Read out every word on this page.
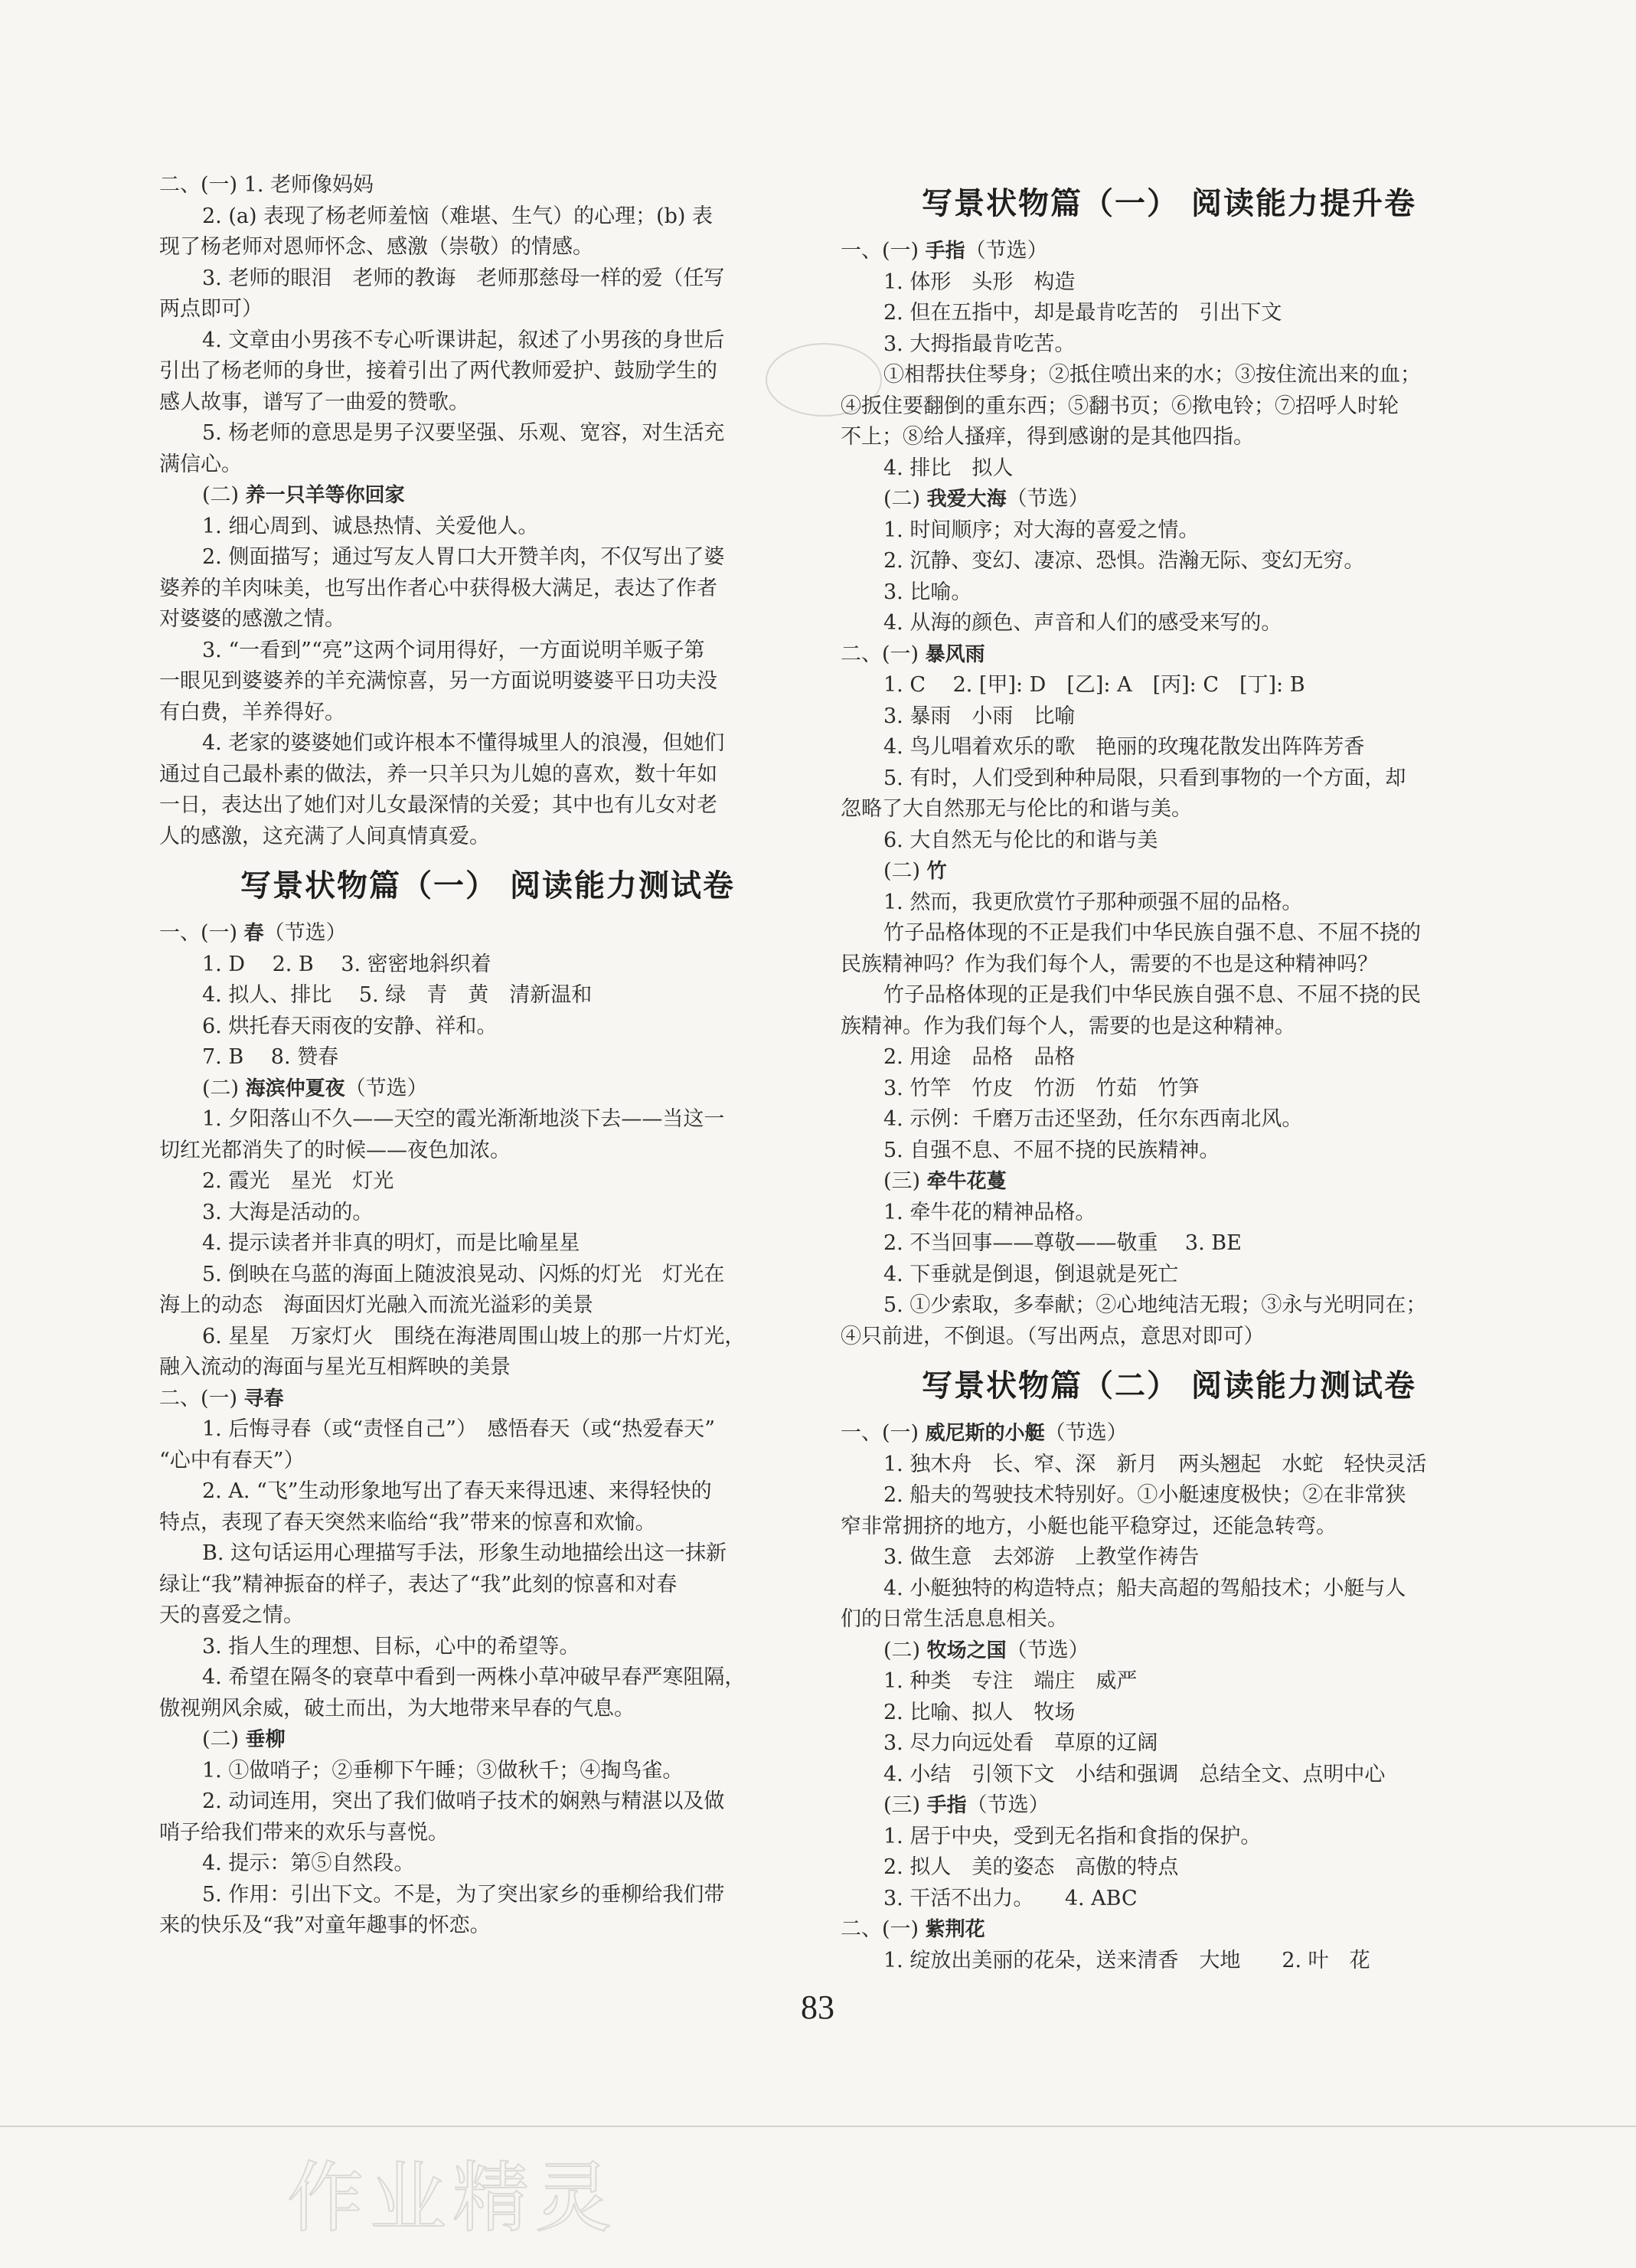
二、(一) 1. 老师像妈妈
2. (a) 表现了杨老师羞恼（难堪、生气）的心理；(b) 表
现了杨老师对恩师怀念、感激（崇敬）的情感。
3. 老师的眼泪　老师的教诲　老师那慈母一样的爱（任写
两点即可）
4. 文章由小男孩不专心听课讲起，叙述了小男孩的身世后
引出了杨老师的身世，接着引出了两代教师爱护、鼓励学生的
感人故事，谱写了一曲爱的赞歌。
5. 杨老师的意思是男子汉要坚强、乐观、宽容，对生活充
满信心。
(二) 养一只羊等你回家
1. 细心周到、诚恳热情、关爱他人。
2. 侧面描写；通过写友人胃口大开赞羊肉，不仅写出了婆
婆养的羊肉味美，也写出作者心中获得极大满足，表达了作者
对婆婆的感激之情。
3. “一看到”“亮”这两个词用得好，一方面说明羊贩子第
一眼见到婆婆养的羊充满惊喜，另一方面说明婆婆平日功夫没
有白费，羊养得好。
4. 老家的婆婆她们或许根本不懂得城里人的浪漫，但她们
通过自己最朴素的做法，养一只羊只为儿媳的喜欢，数十年如
一日，表达出了她们对儿女最深情的关爱；其中也有儿女对老
人的感激，这充满了人间真情真爱。
写景状物篇（一） 阅读能力测试卷
一、(一) 春（节选）
1. D　 2. B　 3. 密密地斜织着
4. 拟人、排比　 5. 绿　青　黄　清新温和
6. 烘托春天雨夜的安静、祥和。
7. B　 8. 赞春
(二) 海滨仲夏夜（节选）
1. 夕阳落山不久——天空的霞光渐渐地淡下去——当这一
切红光都消失了的时候——夜色加浓。
2. 霞光　星光　灯光
3. 大海是活动的。
4. 提示读者并非真的明灯，而是比喻星星
5. 倒映在乌蓝的海面上随波浪晃动、闪烁的灯光　灯光在
海上的动态　海面因灯光融入而流光溢彩的美景
6. 星星　万家灯火　围绕在海港周围山坡上的那一片灯光，
融入流动的海面与星光互相辉映的美景
二、(一) 寻春
1. 后悔寻春（或“责怪自己”）　感悟春天（或“热爱春天”
“心中有春天”）
2. A. “飞”生动形象地写出了春天来得迅速、来得轻快的
特点，表现了春天突然来临给“我”带来的惊喜和欢愉。
B. 这句话运用心理描写手法，形象生动地描绘出这一抹新
绿让“我”精神振奋的样子，表达了“我”此刻的惊喜和对春
天的喜爱之情。
3. 指人生的理想、目标，心中的希望等。
4. 希望在隔冬的衰草中看到一两株小草冲破早春严寒阻隔，
傲视朔风余威，破土而出，为大地带来早春的气息。
(二) 垂柳
1. ①做哨子；②垂柳下午睡；③做秋千；④掏鸟雀。
2. 动词连用，突出了我们做哨子技术的娴熟与精湛以及做
哨子给我们带来的欢乐与喜悦。
4. 提示：第⑤自然段。
5. 作用：引出下文。不是，为了突出家乡的垂柳给我们带
来的快乐及“我”对童年趣事的怀恋。
写景状物篇（一） 阅读能力提升卷
一、(一) 手指（节选）
1. 体形　头形　构造
2. 但在五指中，却是最肯吃苦的　引出下文
3. 大拇指最肯吃苦。
①相帮扶住琴身；②抵住喷出来的水；③按住流出来的血；
④扳住要翻倒的重东西；⑤翻书页；⑥揿电铃；⑦招呼人时轮
不上；⑧给人搔痒，得到感谢的是其他四指。
4. 排比　拟人
(二) 我爱大海（节选）
1. 时间顺序；对大海的喜爱之情。
2. 沉静、变幻、凄凉、恐惧。浩瀚无际、变幻无穷。
3. 比喻。
4. 从海的颜色、声音和人们的感受来写的。
二、(一) 暴风雨
1. C　 2. [甲]: D　[乙]: A　[丙]: C　[丁]: B
3. 暴雨　小雨　比喻
4. 鸟儿唱着欢乐的歌　艳丽的玫瑰花散发出阵阵芳香
5. 有时，人们受到种种局限，只看到事物的一个方面，却
忽略了大自然那无与伦比的和谐与美。
6. 大自然无与伦比的和谐与美
(二) 竹
1. 然而，我更欣赏竹子那种顽强不屈的品格。
竹子品格体现的不正是我们中华民族自强不息、不屈不挠的
民族精神吗？作为我们每个人，需要的不也是这种精神吗？
竹子品格体现的正是我们中华民族自强不息、不屈不挠的民
族精神。作为我们每个人，需要的也是这种精神。
2. 用途　品格　品格
3. 竹竿　竹皮　竹沥　竹茹　竹笋
4. 示例：千磨万击还坚劲，任尔东西南北风。
5. 自强不息、不屈不挠的民族精神。
(三) 牵牛花蔓
1. 牵牛花的精神品格。
2. 不当回事——尊敬——敬重　 3. BE
4. 下垂就是倒退，倒退就是死亡
5. ①少索取，多奉献；②心地纯洁无瑕；③永与光明同在；
④只前进，不倒退。（写出两点，意思对即可）
写景状物篇（二） 阅读能力测试卷
一、(一) 威尼斯的小艇（节选）
1. 独木舟　长、窄、深　新月　两头翘起　水蛇　轻快灵活
2. 船夫的驾驶技术特别好。①小艇速度极快；②在非常狭
窄非常拥挤的地方，小艇也能平稳穿过，还能急转弯。
3. 做生意　去郊游　上教堂作祷告
4. 小艇独特的构造特点；船夫高超的驾船技术；小艇与人
们的日常生活息息相关。
(二) 牧场之国（节选）
1. 种类　专注　端庄　威严
2. 比喻、拟人　牧场
3. 尽力向远处看　草原的辽阔
4. 小结　引领下文　小结和强调　总结全文、点明中心
(三) 手指（节选）
1. 居于中央，受到无名指和食指的保护。
2. 拟人　美的姿态　高傲的特点
3. 干活不出力。　　4. ABC
二、(一) 紫荆花
1. 绽放出美丽的花朵，送来清香　大地　　2. 叶　花
83
作业精灵
